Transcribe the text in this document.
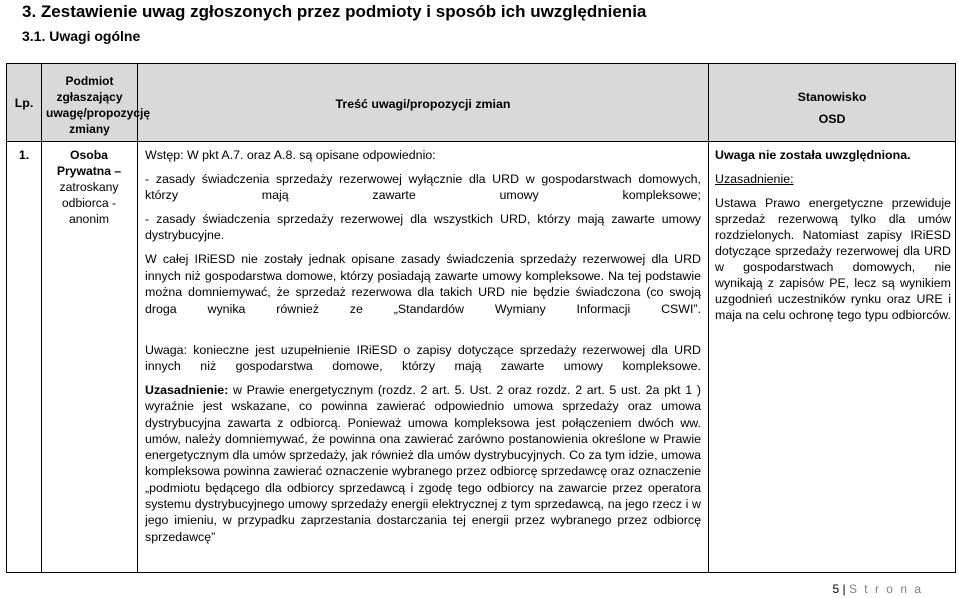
3. Zestawienie uwag zgłoszonych przez podmioty i sposób ich uwzględnienia
3.1. Uwagi ogólne
Lp.
Podmiot zgłaszający uwagę/propozycję zmiany
Treść uwagi/propozycji zmian	Stanowisko
OSD
1.	Osoba Prywatna – zatroskany odbiorca - anonim
Wstęp: W pkt A.7. oraz A.8. są opisane odpowiednio:
- zasady świadczenia sprzedaży rezerwowej wyłącznie dla URD w gospodarstwach domowych, którzy mają zawarte umowy kompleksowe;
- zasady świadczenia sprzedaży rezerwowej dla wszystkich URD, którzy mają zawarte umowy dystrybucyjne.
W całej IRiESD nie zostały jednak opisane zasady świadczenia sprzedaży rezerwowej dla URD innych niż gospodarstwa domowe, którzy posiadają zawarte umowy kompleksowe. Na tej podstawie można domniemywać, że sprzedaż rezerwowa dla takich URD nie będzie świadczona (co swoją droga wynika również ze „Standardów Wymiany Informacji CSWI”.
Uwaga: konieczne jest uzupełnienie IRiESD o zapisy dotyczące sprzedaży rezerwowej dla URD innych niż gospodarstwa domowe, którzy mają zawarte umowy kompleksowe.
Uzasadnienie: w Prawie energetycznym (rozdz. 2 art. 5. Ust. 2 oraz rozdz. 2 art. 5 ust. 2a pkt 1 ) wyraźnie jest wskazane, co powinna zawierać odpowiednio umowa sprzedaży oraz umowa dystrybucyjna zawarta z odbiorcą. Ponieważ umowa kompleksowa jest połączeniem dwóch ww. umów, należy domniemywać, że powinna ona zawierać zarówno postanowienia określone w Prawie energetycznym dla umów sprzedaży, jak również dla umów dystrybucyjnych. Co za tym idzie, umowa kompleksowa powinna zawierać oznaczenie wybranego przez odbiorcę sprzedawcę oraz oznaczenie „podmiotu będącego dla odbiorcy sprzedawcą i zgodę tego odbiorcy na zawarcie przez operatora systemu dystrybucyjnego umowy sprzedaży energii elektrycznej z tym sprzedawcą, na jego rzecz i w jego imieniu, w przypadku zaprzestania dostarczania tej energii przez wybranego przez odbiorcę sprzedawcę”
Uwaga nie została uwzględniona.
Uzasadnienie:
Ustawa Prawo energetyczne przewiduje sprzedaż rezerwową tylko dla umów rozdzielonych. Natomiast zapisy IRiESD dotyczące sprzedaży rezerwowej dla URD w gospodarstwach domowych, nie wynikają z zapisów PE, lecz są wynikiem uzgodnień uczestników rynku oraz URE i maja na celu ochronę tego typu odbiorców.
5 | S t r o n a
